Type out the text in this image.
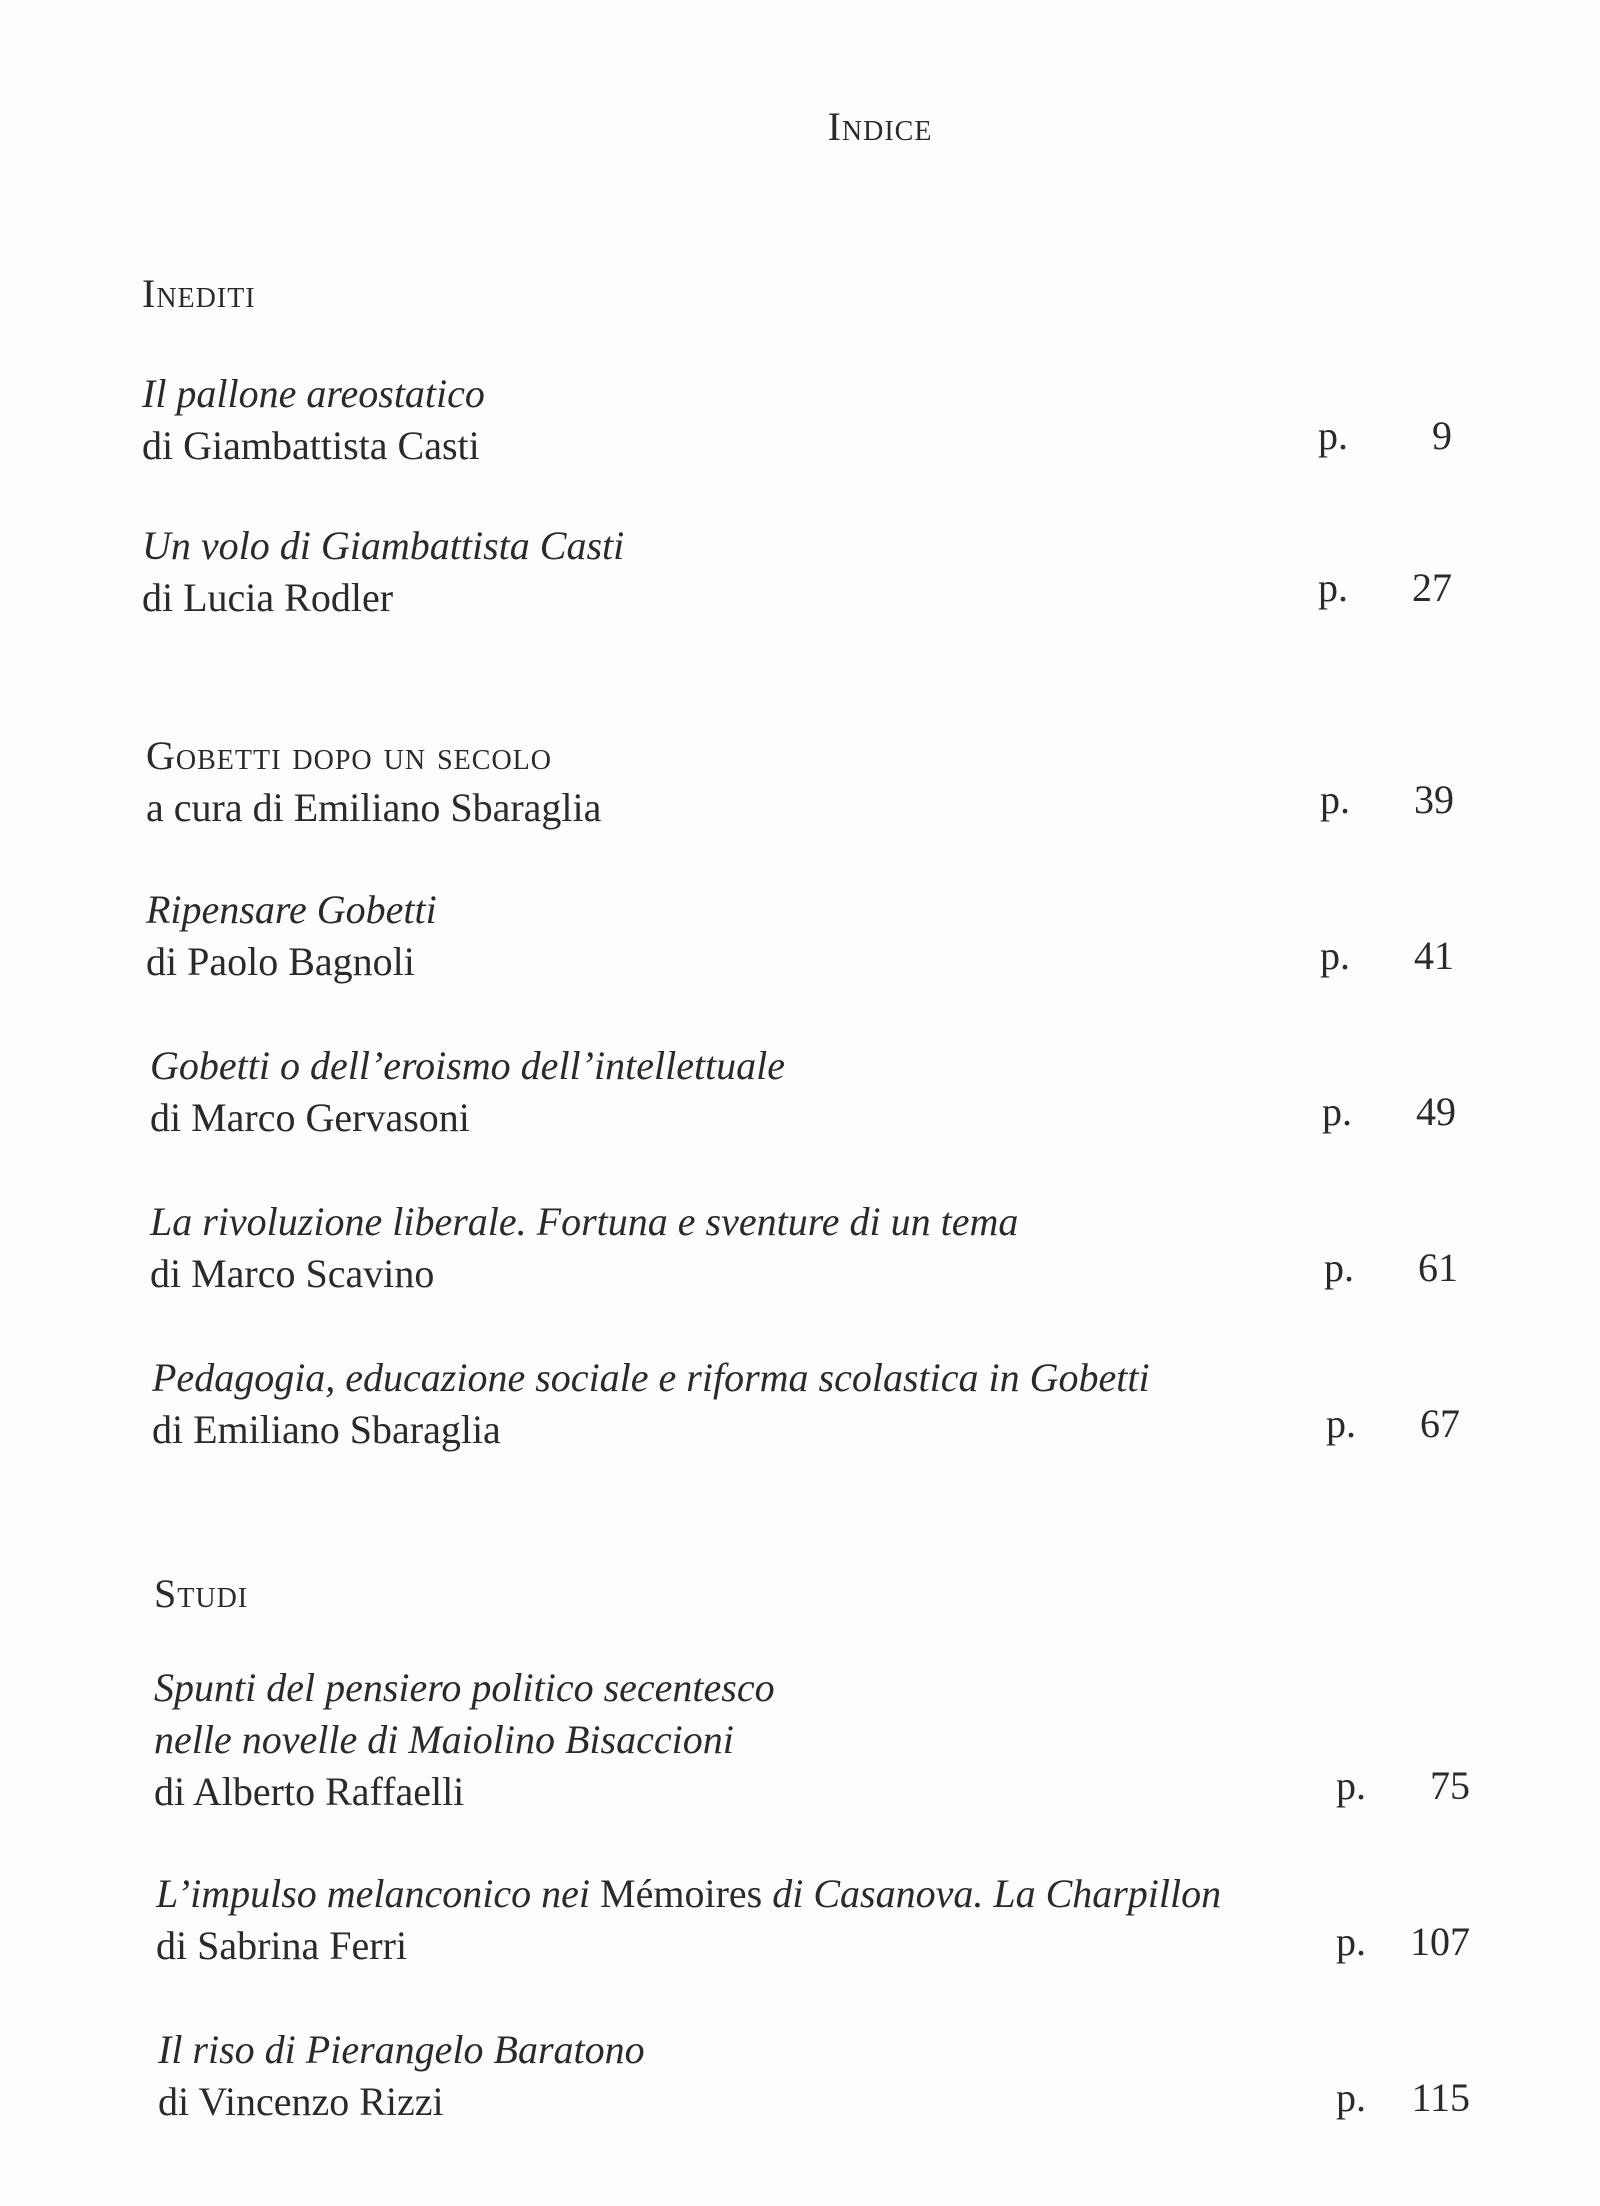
Indice
Inediti
Il pallone areostatico
di Giambattista Casti	p. 9
Un volo di Giambattista Casti
di Lucia Rodler	p. 27
Gobetti dopo un secolo
a cura di Emiliano Sbaraglia	p. 39
Ripensare Gobetti
di Paolo Bagnoli	p. 41
Gobetti o dell’eroismo dell’intellettuale
di Marco Gervasoni	p. 49
La rivoluzione liberale. Fortuna e sventure di un tema
di Marco Scavino	p. 61
Pedagogia, educazione sociale e riforma scolastica in Gobetti
di Emiliano Sbaraglia	p. 67
Studi
Spunti del pensiero politico secentesco
nelle novelle di Maiolino Bisaccioni
di Alberto Raffaelli	p. 75
L’impulso melanconico nei Mémoires di Casanova. La Charpillon
di Sabrina Ferri	p. 107
Il riso di Pierangelo Baratono
di Vincenzo Rizzi	p. 115
